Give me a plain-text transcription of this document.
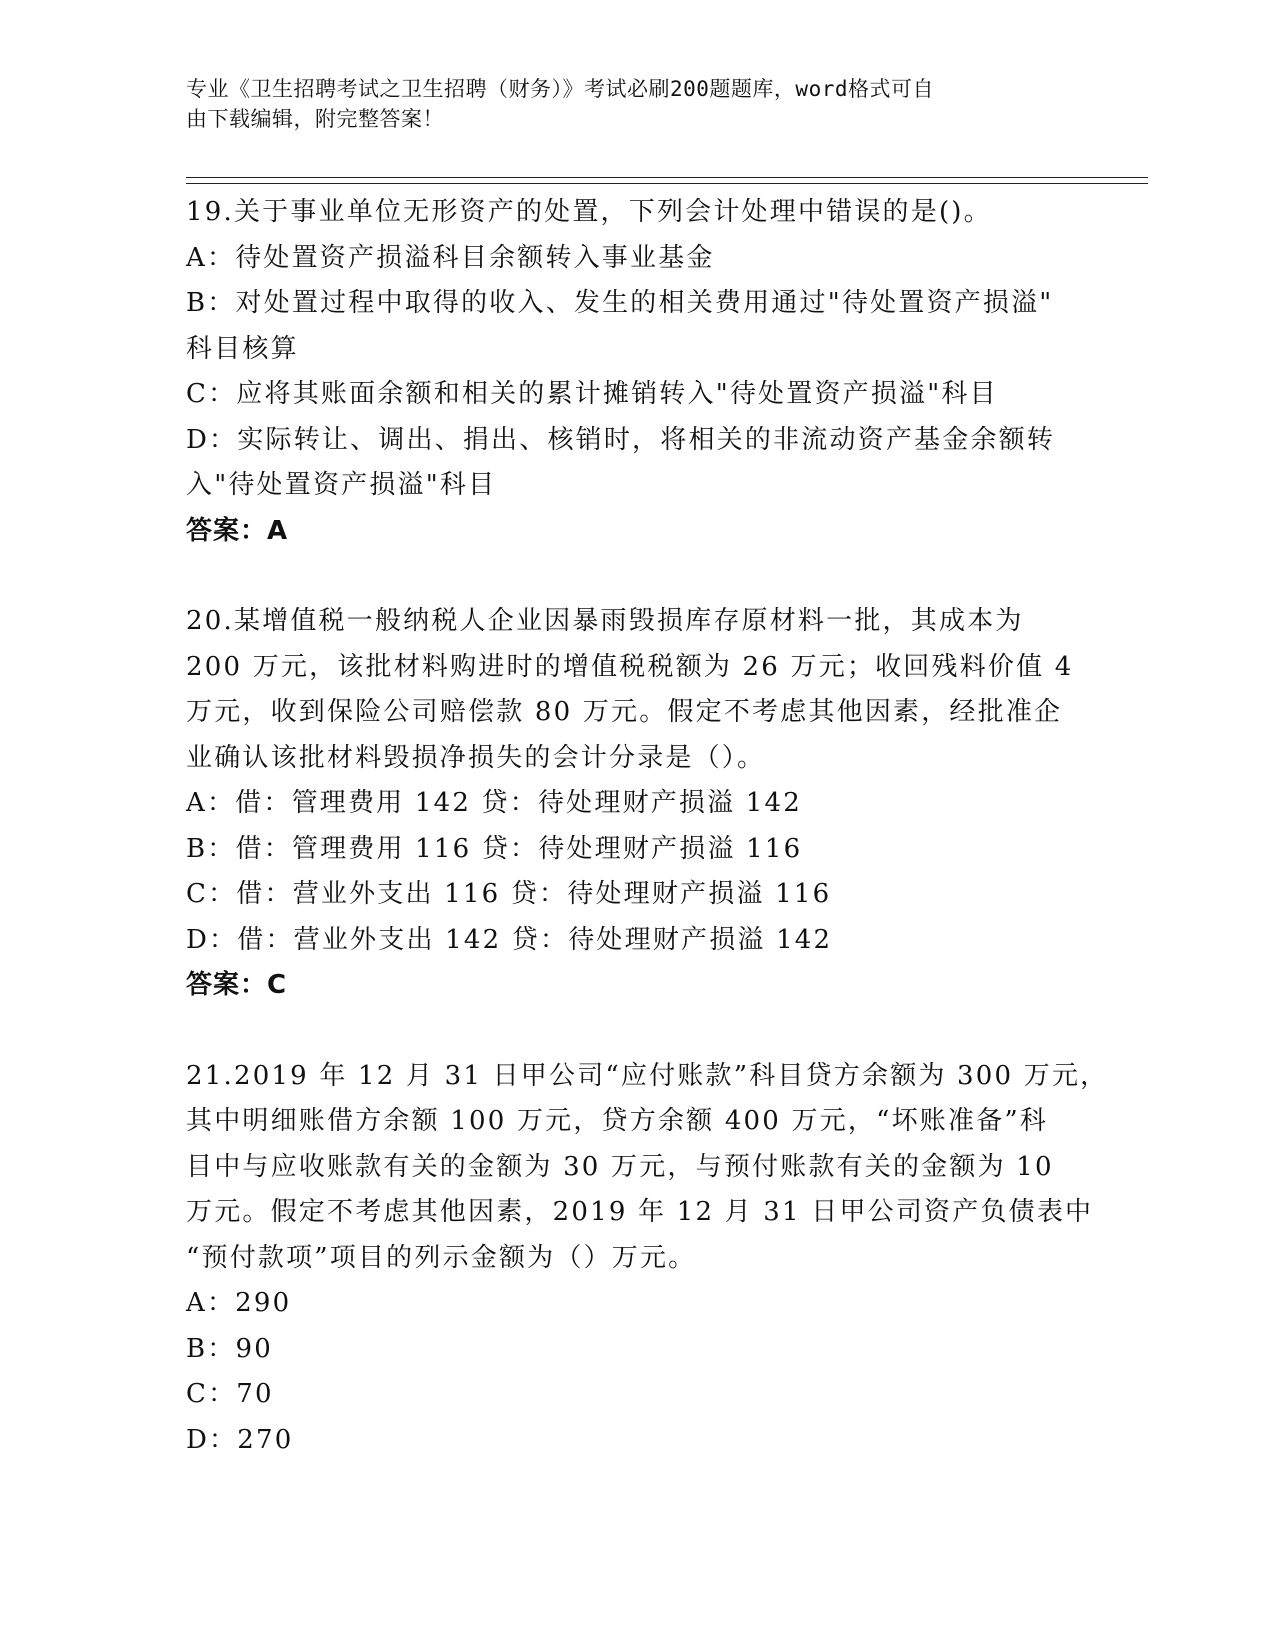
专业《卫生招聘考试之卫生招聘（财务）》考试必刷200题题库，word格式可自
由下载编辑，附完整答案！
19.关于事业单位无形资产的处置，下列会计处理中错误的是()。
A：待处置资产损溢科目余额转入事业基金
B：对处置过程中取得的收入、发生的相关费用通过"待处置资产损溢"
科目核算
C：应将其账面余额和相关的累计摊销转入"待处置资产损溢"科目
D：实际转让、调出、捐出、核销时，将相关的非流动资产基金余额转
入"待处置资产损溢"科目
答案：A
20.某增值税一般纳税人企业因暴雨毁损库存原材料一批，其成本为
200 万元，该批材料购进时的增值税税额为 26 万元；收回残料价值 4
万元，收到保险公司赔偿款 80 万元。假定不考虑其他因素，经批准企
业确认该批材料毁损净损失的会计分录是（）。
A：借：管理费用 142 贷：待处理财产损溢 142
B：借：管理费用 116 贷：待处理财产损溢 116
C：借：营业外支出 116 贷：待处理财产损溢 116
D：借：营业外支出 142 贷：待处理财产损溢 142
答案：C
21.2019 年 12 月 31 日甲公司“应付账款”科目贷方余额为 300 万元，
其中明细账借方余额 100 万元，贷方余额 400 万元，“坏账准备”科
目中与应收账款有关的金额为 30 万元，与预付账款有关的金额为 10
万元。假定不考虑其他因素，2019 年 12 月 31 日甲公司资产负债表中
“预付款项”项目的列示金额为（）万元。
A：290
B：90
C：70
D：270
